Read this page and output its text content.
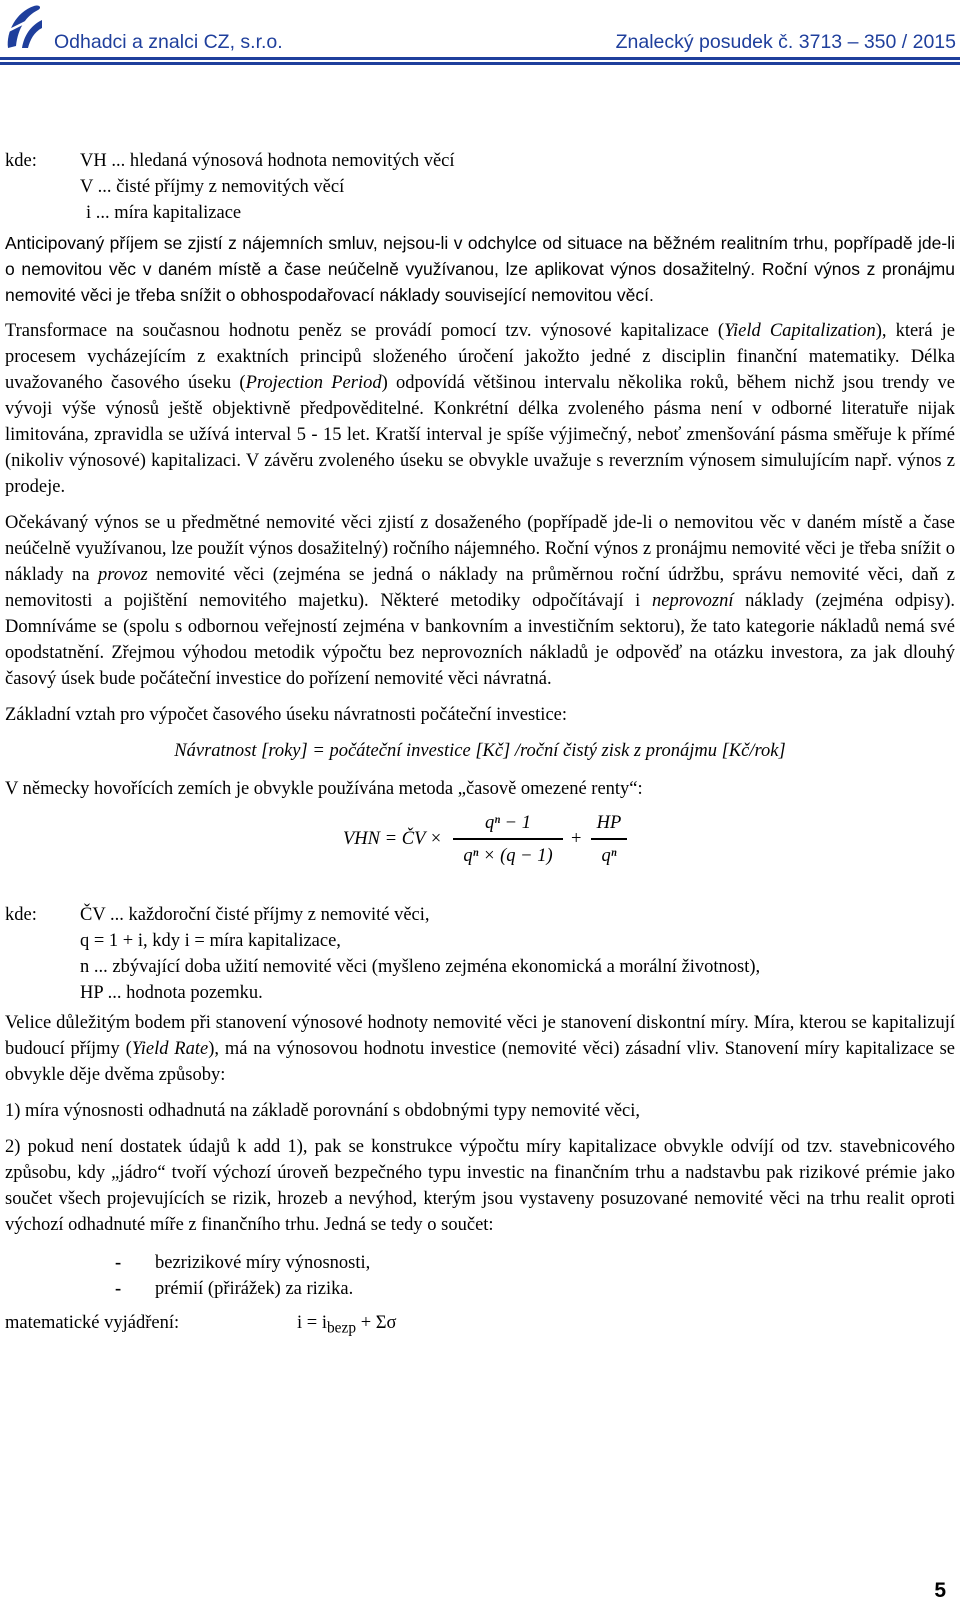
Odhadci a znalci CZ, s.r.o.	Znalecký posudek č. 3713 – 350 / 2015
kde:	VH ... hledaná výnosová hodnota nemovitých věcí
V ... čisté příjmy z nemovitých věcí
i ... míra kapitalizace

Anticipovaný příjem se zjistí z nájemních smluv, nejsou-li v odchylce od situace na běžném realitním trhu, popřípadě jde-li o nemovitou věc v daném místě a čase neúčelně využívanou, lze aplikovat výnos dosažitelný. Roční výnos z pronájmu nemovité věci je třeba snížit o obhospodařovací náklady související nemovitou věcí.

Transformace na současnou hodnotu peněz se provádí pomocí tzv. výnosové kapitalizace (Yield Capitalization), která je procesem vycházejícím z exaktních principů složeného úročení jakožto jedné z disciplin finanční matematiky. Délka uvažovaného časového úseku (Projection Period) odpovídá většinou intervalu několika roků, během nichž jsou trendy ve vývoji výše výnosů ještě objektivně předpověditelné. Konkrétní délka zvoleného pásma není v odborné literatuře nijak limitována, zpravidla se užívá interval 5 - 15 let. Kratší interval je spíše výjimečný, neboť zmenšování pásma směřuje k přímé (nikoliv výnosové) kapitalizaci. V závěru zvoleného úseku se obvykle uvažuje s reverzním výnosem simulujícím např. výnos z prodeje.

Očekávaný výnos se u předmětné nemovité věci zjistí z dosaženého (popřípadě jde-li o nemovitou věc v daném místě a čase neúčelně využívanou, lze použít výnos dosažitelný) ročního nájemného. Roční výnos z pronájmu nemovité věci je třeba snížit o náklady na provoz nemovité věci (zejména se jedná o náklady na průměrnou roční údržbu, správu nemovité věci, daň z nemovitosti a pojištění nemovitého majetku). Některé metodiky odpočítávají i neprovozní náklady (zejména odpisy). Domníváme se (spolu s odbornou veřejností zejména v bankovním a investičním sektoru), že tato kategorie nákladů nemá své opodstatnění. Zřejmou výhodou metodik výpočtu bez neprovozních nákladů je odpověď na otázku investora, za jak dlouhý časový úsek bude počáteční investice do pořízení nemovité věci návratná.

Základní vztah pro výpočet časového úseku návratnosti počáteční investice:

Návratnost [roky] = počáteční investice [Kč] /roční čistý zisk z pronájmu [Kč/rok]

V německy hovořících zemích je obvykle používána metoda „časově omezené renty“:

VHN = ČV ×
qⁿ − 1
qⁿ × (q − 1)
+
HP
qⁿ
kde:	ČV ... každoroční čisté příjmy z nemovité věci,
q = 1 + i, kdy i = míra kapitalizace,
n ... zbývající doba užití nemovité věci (myšleno zejména ekonomická a morální životnost),
HP ... hodnota pozemku.

Velice důležitým bodem při stanovení výnosové hodnoty nemovité věci je stanovení diskontní míry. Míra, kterou se kapitalizují budoucí příjmy (Yield Rate), má na výnosovou hodnotu investice (nemovité věci) zásadní vliv. Stanovení míry kapitalizace se obvykle děje dvěma způsoby:

1) míra výnosnosti odhadnutá na základě porovnání s obdobnými typy nemovité věci,

2) pokud není dostatek údajů k add 1), pak se konstrukce výpočtu míry kapitalizace obvykle odvíjí od tzv. stavebnicového způsobu, kdy „jádro“ tvoří výchozí úroveň bezpečného typu investic na finančním trhu a nadstavbu pak rizikové prémie jako součet všech projevujících se rizik, hrozeb a nevýhod, kterým jsou vystaveny posuzované nemovité věci na trhu realit oproti výchozí odhadnuté míře z finančního trhu. Jedná se tedy o součet:

-	bezrizikové míry výnosnosti,
-	prémií (přirážek) za rizika.
matematické vyjádření:	$i = i_{bezp} + \Sigma\sigma$
5
